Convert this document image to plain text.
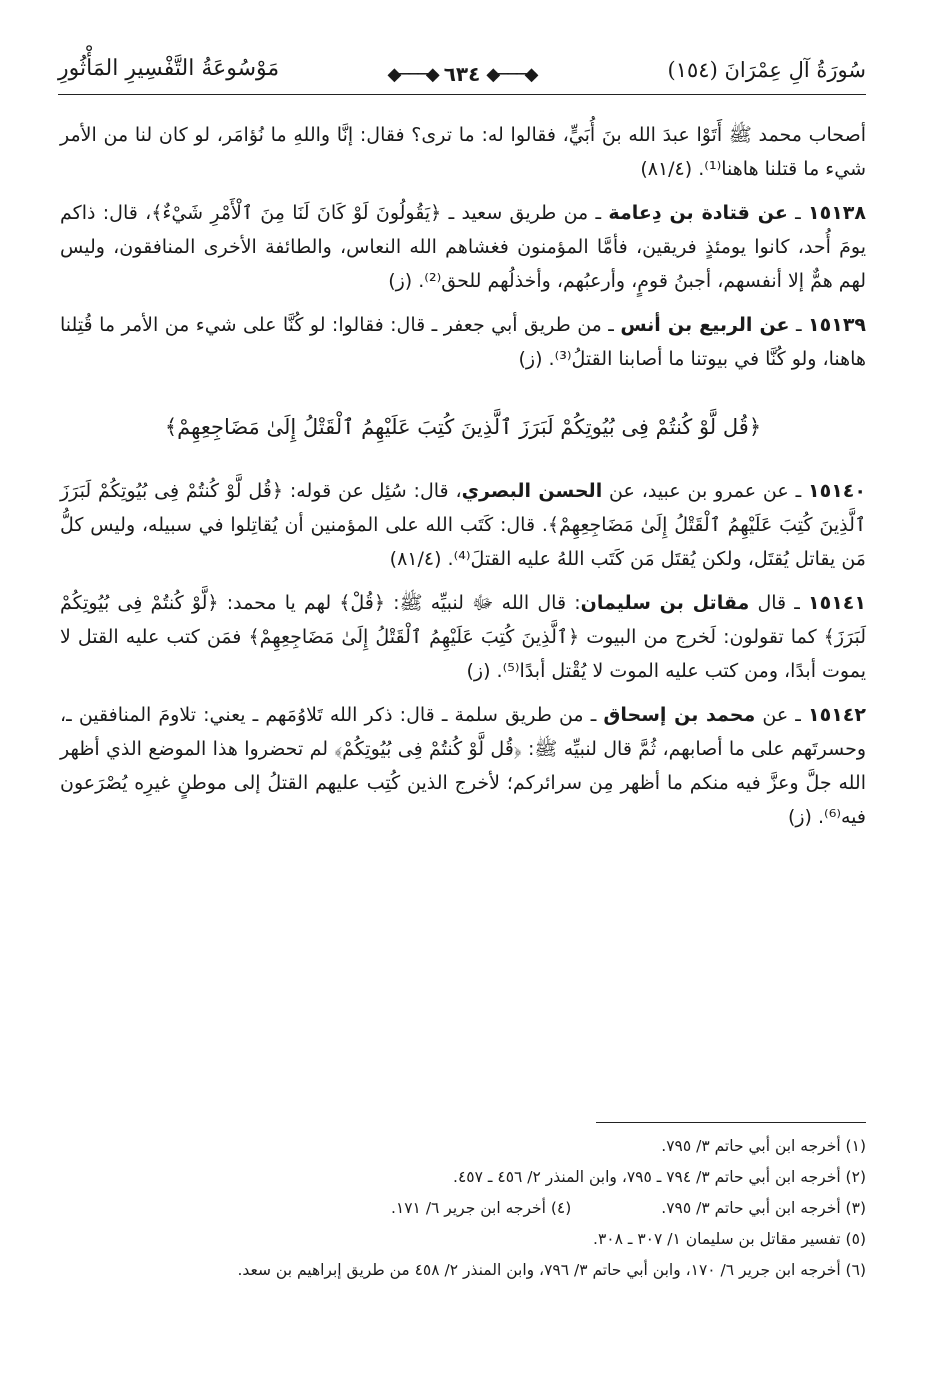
سُورَةُ آلِ عِمْرَانَ (١٥٤)
◆───◆
٦٣٤
◆───◆
مَوْسُوعَةُ التَّفْسِيرِ المَأْثُورِ

أصحاب محمد ﷺ أَتَوْا عبدَ الله بنَ أُبَيٍّ، فقالوا له: ما ترى؟ فقال: إنَّا واللهِ ما نُؤامَر، لو كان لنا من الأمر شيء ما قتلنا هاهنا⁽¹⁾. (٨١/٤)

١٥١٣٨ ـ عن قتادة بن دِعامة ـ من طريق سعيد ـ ﴿يَقُولُونَ لَوْ كَانَ لَنَا مِنَ ٱلْأَمْرِ شَيْءٌ﴾، قال: ذاكم يومَ أُحد، كانوا يومئذٍ فريقين، فأمَّا المؤمنون فغشاهم الله النعاس، والطائفة الأخرى المنافقون، وليس لهم همٌّ إلا أنفسهم، أجبنُ قومٍ، وأرعبُهم، وأخذلُهم للحق⁽²⁾. (ز)

١٥١٣٩ ـ عن الربيع بن أنس ـ من طريق أبي جعفر ـ قال: فقالوا: لو كُنَّا على شيء من الأمر ما قُتِلنا هاهنا، ولو كُنَّا في بيوتنا ما أصابنا القتلُ⁽³⁾. (ز)

﴿قُل لَّوْ كُنتُمْ فِى بُيُوتِكُمْ لَبَرَزَ ٱلَّذِينَ كُتِبَ عَلَيْهِمُ ٱلْقَتْلُ إِلَىٰ مَضَاجِعِهِمْ﴾

١٥١٤٠ ـ عن عمرو بن عبيد، عن الحسن البصري، قال: سُئِل عن قوله: ﴿قُل لَّوْ كُنتُمْ فِى بُيُوتِكُمْ لَبَرَزَ ٱلَّذِينَ كُتِبَ عَلَيْهِمُ ٱلْقَتْلُ إِلَىٰ مَضَاجِعِهِمْ﴾. قال: كَتَب الله على المؤمنين أن يُقاتِلوا في سبيله، وليس كلُّ مَن يقاتل يُقتَل، ولكن يُقتَل مَن كَتَب اللهُ عليه القتلَ⁽⁴⁾. (٨١/٤)

١٥١٤١ ـ قال مقاتل بن سليمان: قال الله ﷻ لنبيِّه ﷺ: ﴿قُلْ﴾ لهم يا محمد: ﴿لَّوْ كُنتُمْ فِى بُيُوتِكُمْ لَبَرَزَ﴾ كما تقولون: لَخرج من البيوت ﴿ٱلَّذِينَ كُتِبَ عَلَيْهِمُ ٱلْقَتْلُ إِلَىٰ مَضَاجِعِهِمْ﴾ فمَن كتب عليه القتل لا يموت أبدًا، ومن كتب عليه الموت لا يُقْتل أبدًا⁽⁵⁾. (ز)

١٥١٤٢ ـ عن محمد بن إسحاق ـ من طريق سلمة ـ قال: ذكر الله تَلاوُمَهم ـ يعني: تلاومَ المنافقين ـ، وحسرتَهم على ما أصابهم، ثُمَّ قال لنبيِّه ﷺ: ﴿قُل لَّوْ كُنتُمْ فِى بُيُوتِكُمْ﴾ لم تحضروا هذا الموضع الذي أظهر الله جلَّ وعزَّ فيه منكم ما أظهر مِن سرائركم؛ لأخرج الذين كُتِب عليهم القتلُ إلى موطنٍ غيرِه يُصْرَعون فيه⁽⁶⁾. (ز)

(١) أخرجه ابن أبي حاتم ٣/ ٧٩٥.
(٢) أخرجه ابن أبي حاتم ٣/ ٧٩٤ ـ ٧٩٥، وابن المنذر ٢/ ٤٥٦ ـ ٤٥٧.
(٣) أخرجه ابن أبي حاتم ٣/ ٧٩٥.
(٤) أخرجه ابن جرير ٦/ ١٧١.
(٥) تفسير مقاتل بن سليمان ١/ ٣٠٧ ـ ٣٠٨.
(٦) أخرجه ابن جرير ٦/ ١٧٠، وابن أبي حاتم ٣/ ٧٩٦، وابن المنذر ٢/ ٤٥٨ من طريق إبراهيم بن سعد.
